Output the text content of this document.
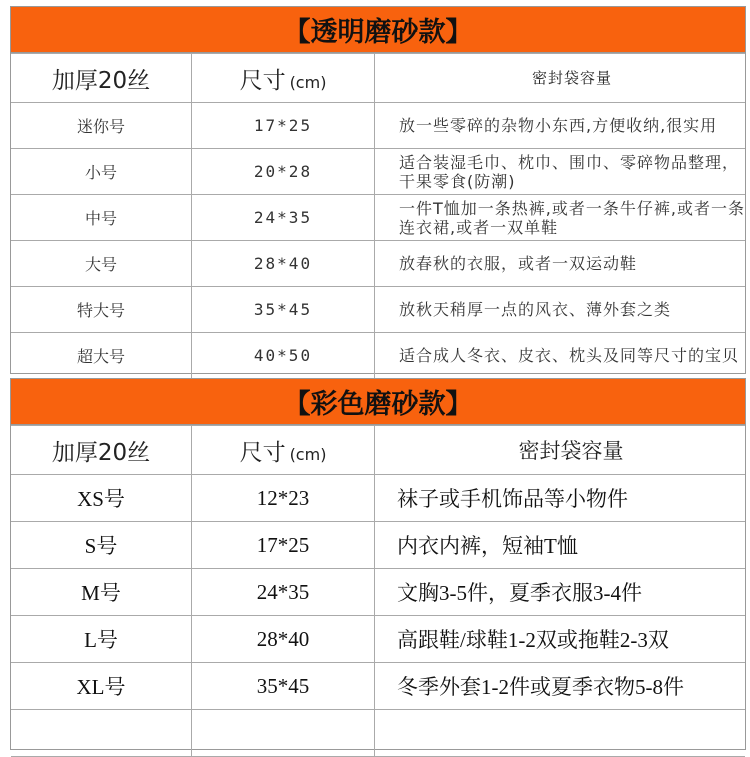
【透明磨砂款】
加厚20丝	尺寸 (cm)	密封袋容量
迷你号	17*25	放一些零碎的杂物小东西,方便收纳,很实用
小号	20*28	适合装湿毛巾、枕巾、围巾、零碎物品整理，干果零食(防潮)
中号	24*35	一件T恤加一条热裤,或者一条牛仔裤,或者一条连衣裙,或者一双单鞋
大号	28*40	放春秋的衣服，或者一双运动鞋
特大号	35*45	放秋天稍厚一点的风衣、薄外套之类
超大号	40*50	适合成人冬衣、皮衣、枕头及同等尺寸的宝贝
【彩色磨砂款】
加厚20丝	尺寸 (cm)	密封袋容量
XS号	12*23	袜子或手机饰品等小物件
S号	17*25	内衣内裤，短袖T恤
M号	24*35	文胸3-5件，夏季衣服3-4件
L号	28*40	高跟鞋/球鞋1-2双或拖鞋2-3双
XL号	35*45	冬季外套1-2件或夏季衣物5-8件
